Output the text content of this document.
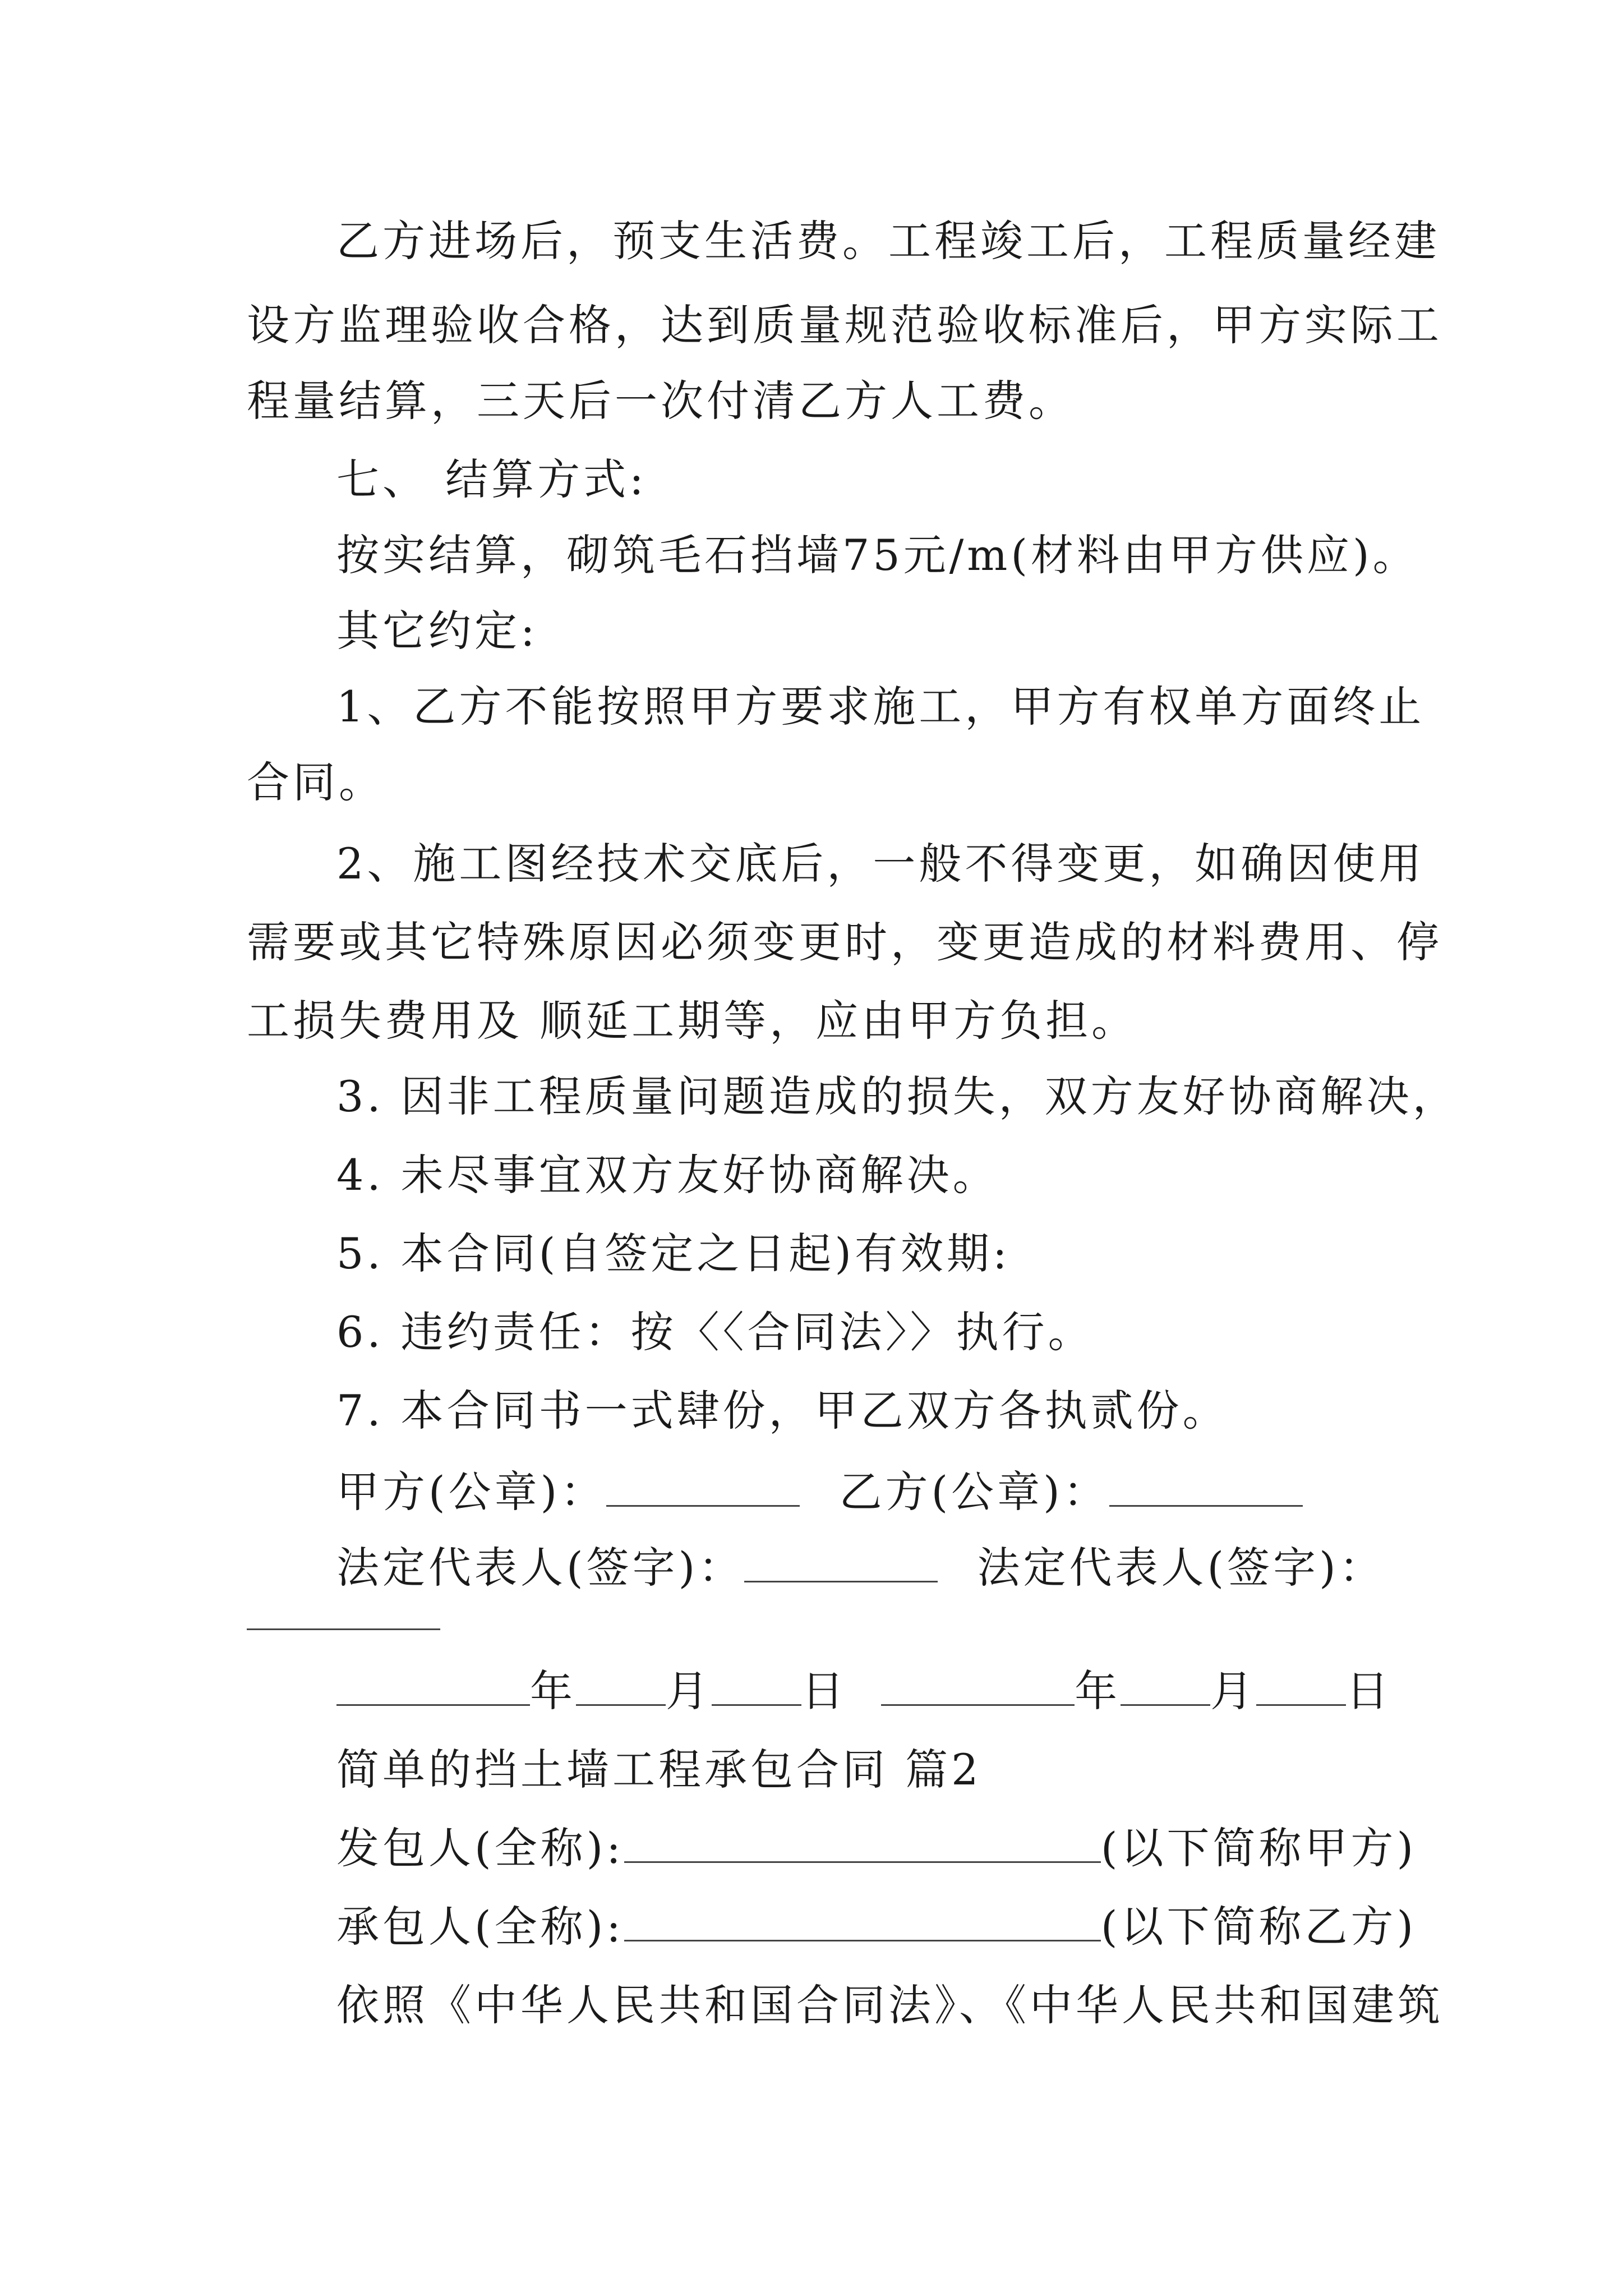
乙方进场后，预支生活费。工程竣工后，工程质量经建
设方监理验收合格，达到质量规范验收标准后，甲方实际工
程量结算，三天后一次付清乙方人工费。
七、 结算方式:
按实结算，砌筑毛石挡墙75元/m(材料由甲方供应)。
其它约定:
1、乙方不能按照甲方要求施工，甲方有权单方面终止
合同。
2、施工图经技术交底后，一般不得变更，如确因使用
需要或其它特殊原因必须变更时，变更造成的材料费用、停
工损失费用及 顺延工期等，应由甲方负担。
3. 因非工程质量问题造成的损失，双方友好协商解决，
4. 未尽事宜双方友好协商解决。
5. 本合同(自签定之日起)有效期:
6. 违约责任：按〈〈合同法〉〉执行。
7. 本合同书一式肆份，甲乙双方各执贰份。
甲方(公章)：	乙方(公章)：
法定代表人(签字)：	法定代表人(签字)：
年 月 日	年 月 日
简单的挡土墙工程承包合同 篇2
发包人(全称):	(以下简称甲方)
承包人(全称):	(以下简称乙方)
依照《中华人民共和国合同法》、《中华人民共和国建筑
